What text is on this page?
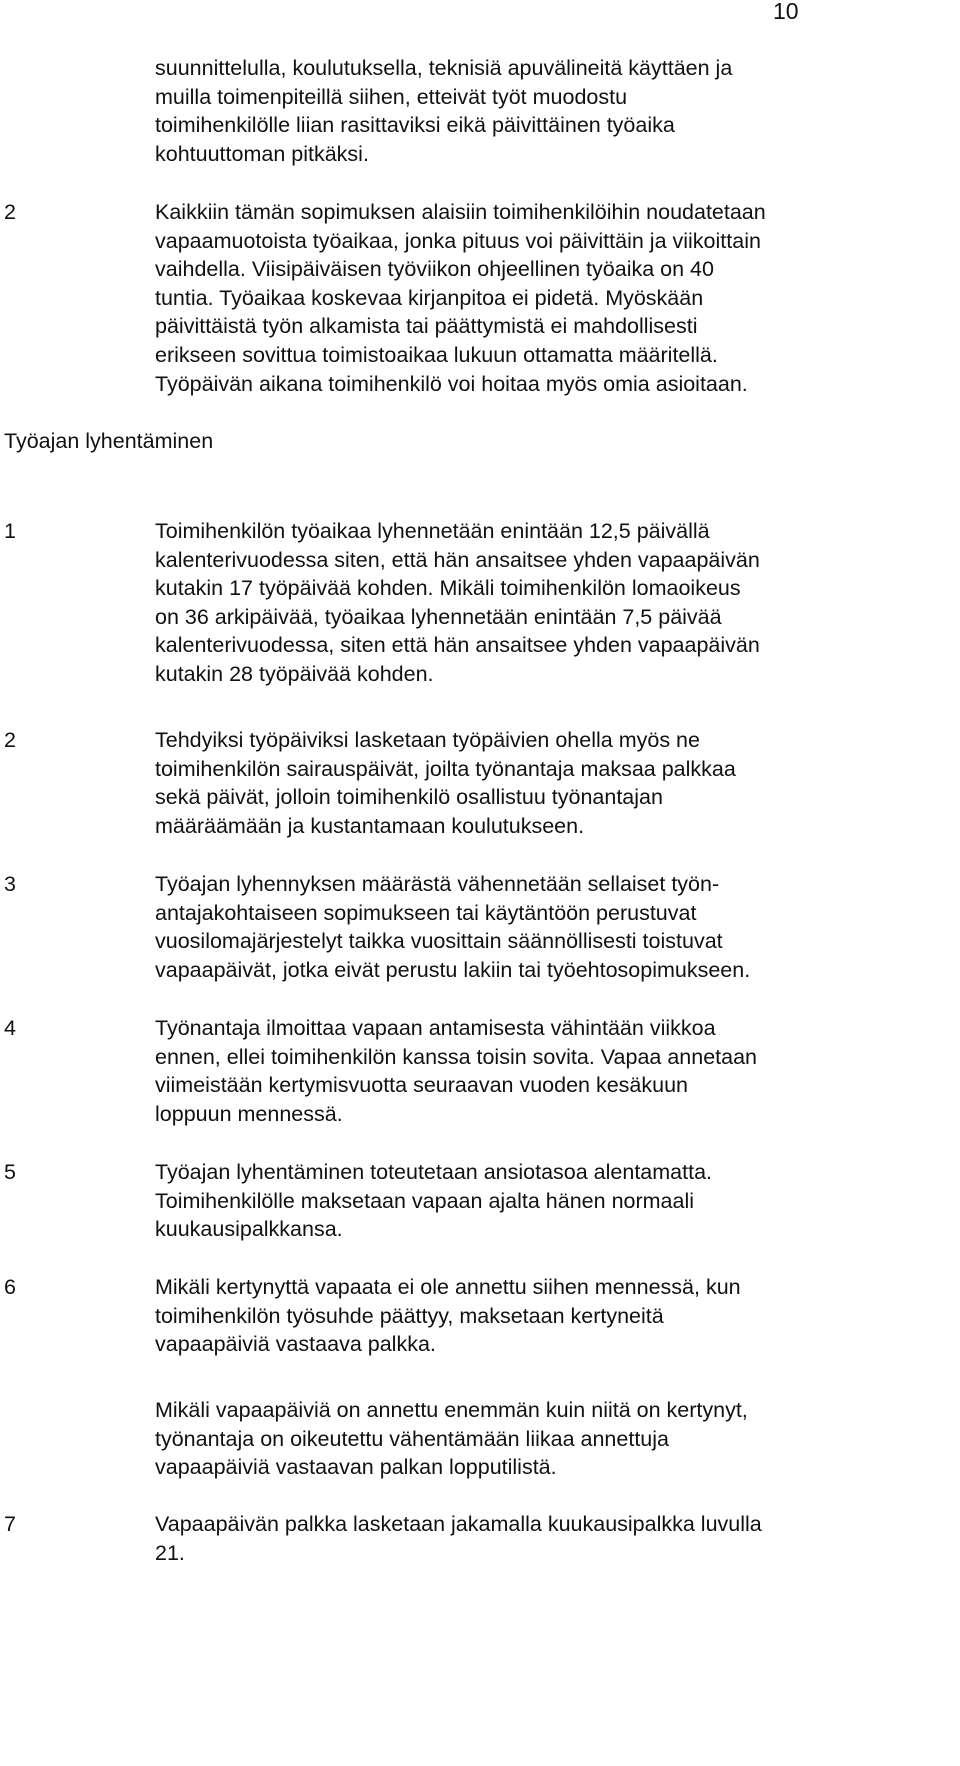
10

suunnittelulla, koulutuksella, teknisiä apuvälineitä käyttäen ja

muilla toimenpiteillä siihen, etteivät työt muodostu

toimihenkilölle liian rasittaviksi eikä päivittäinen työaika

kohtuuttoman pitkäksi.

2	Kaikkiin tämän sopimuksen alaisiin toimihenkilöihin noudatetaan

vapaamuotoista työaikaa, jonka pituus voi päivittäin ja viikoittain

vaihdella. Viisipäiväisen työviikon ohjeellinen työaika on 40

tuntia. Työaikaa koskevaa kirjanpitoa ei pidetä. Myöskään

päivittäistä työn alkamista tai päättymistä ei mahdollisesti

erikseen sovittua toimistoaikaa lukuun ottamatta määritellä.

Työpäivän aikana toimihenkilö voi hoitaa myös omia asioitaan.

Työajan lyhentäminen
1	Toimihenkilön työaikaa lyhennetään enintään 12,5 päivällä

kalenterivuodessa siten, että hän ansaitsee yhden vapaapäivän

kutakin 17 työpäivää kohden. Mikäli toimihenkilön lomaoikeus

on 36 arkipäivää, työaikaa lyhennetään enintään 7,5 päivää

kalenterivuodessa, siten että hän ansaitsee yhden vapaapäivän

kutakin 28 työpäivää kohden.

2	Tehdyiksi työpäiviksi lasketaan työpäivien ohella myös ne

toimihenkilön sairauspäivät, joilta työnantaja maksaa palkkaa

sekä päivät, jolloin toimihenkilö osallistuu työnantajan

määräämään ja kustantamaan koulutukseen.

3	Työajan lyhennyksen määrästä vähennetään sellaiset työn-

antajakohtaiseen sopimukseen tai käytäntöön perustuvat

vuosilomajärjestelyt taikka vuosittain säännöllisesti toistuvat

vapaapäivät, jotka eivät perustu lakiin tai työehtosopimukseen.

4	Työnantaja ilmoittaa vapaan antamisesta vähintään viikkoa

ennen, ellei toimihenkilön kanssa toisin sovita. Vapaa annetaan

viimeistään kertymisvuotta seuraavan vuoden kesäkuun

loppuun mennessä.

5	Työajan lyhentäminen toteutetaan ansiotasoa alentamatta.

Toimihenkilölle maksetaan vapaan ajalta hänen normaali

kuukausipalkkansa.

6	Mikäli kertynyttä vapaata ei ole annettu siihen mennessä, kun

toimihenkilön työsuhde päättyy, maksetaan kertyneitä

vapaapäiviä vastaava palkka.

Mikäli vapaapäiviä on annettu enemmän kuin niitä on kertynyt,

työnantaja on oikeutettu vähentämään liikaa annettuja

vapaapäiviä vastaavan palkan lopputilistä.

7	Vapaapäivän palkka lasketaan jakamalla kuukausipalkka luvulla

21.
